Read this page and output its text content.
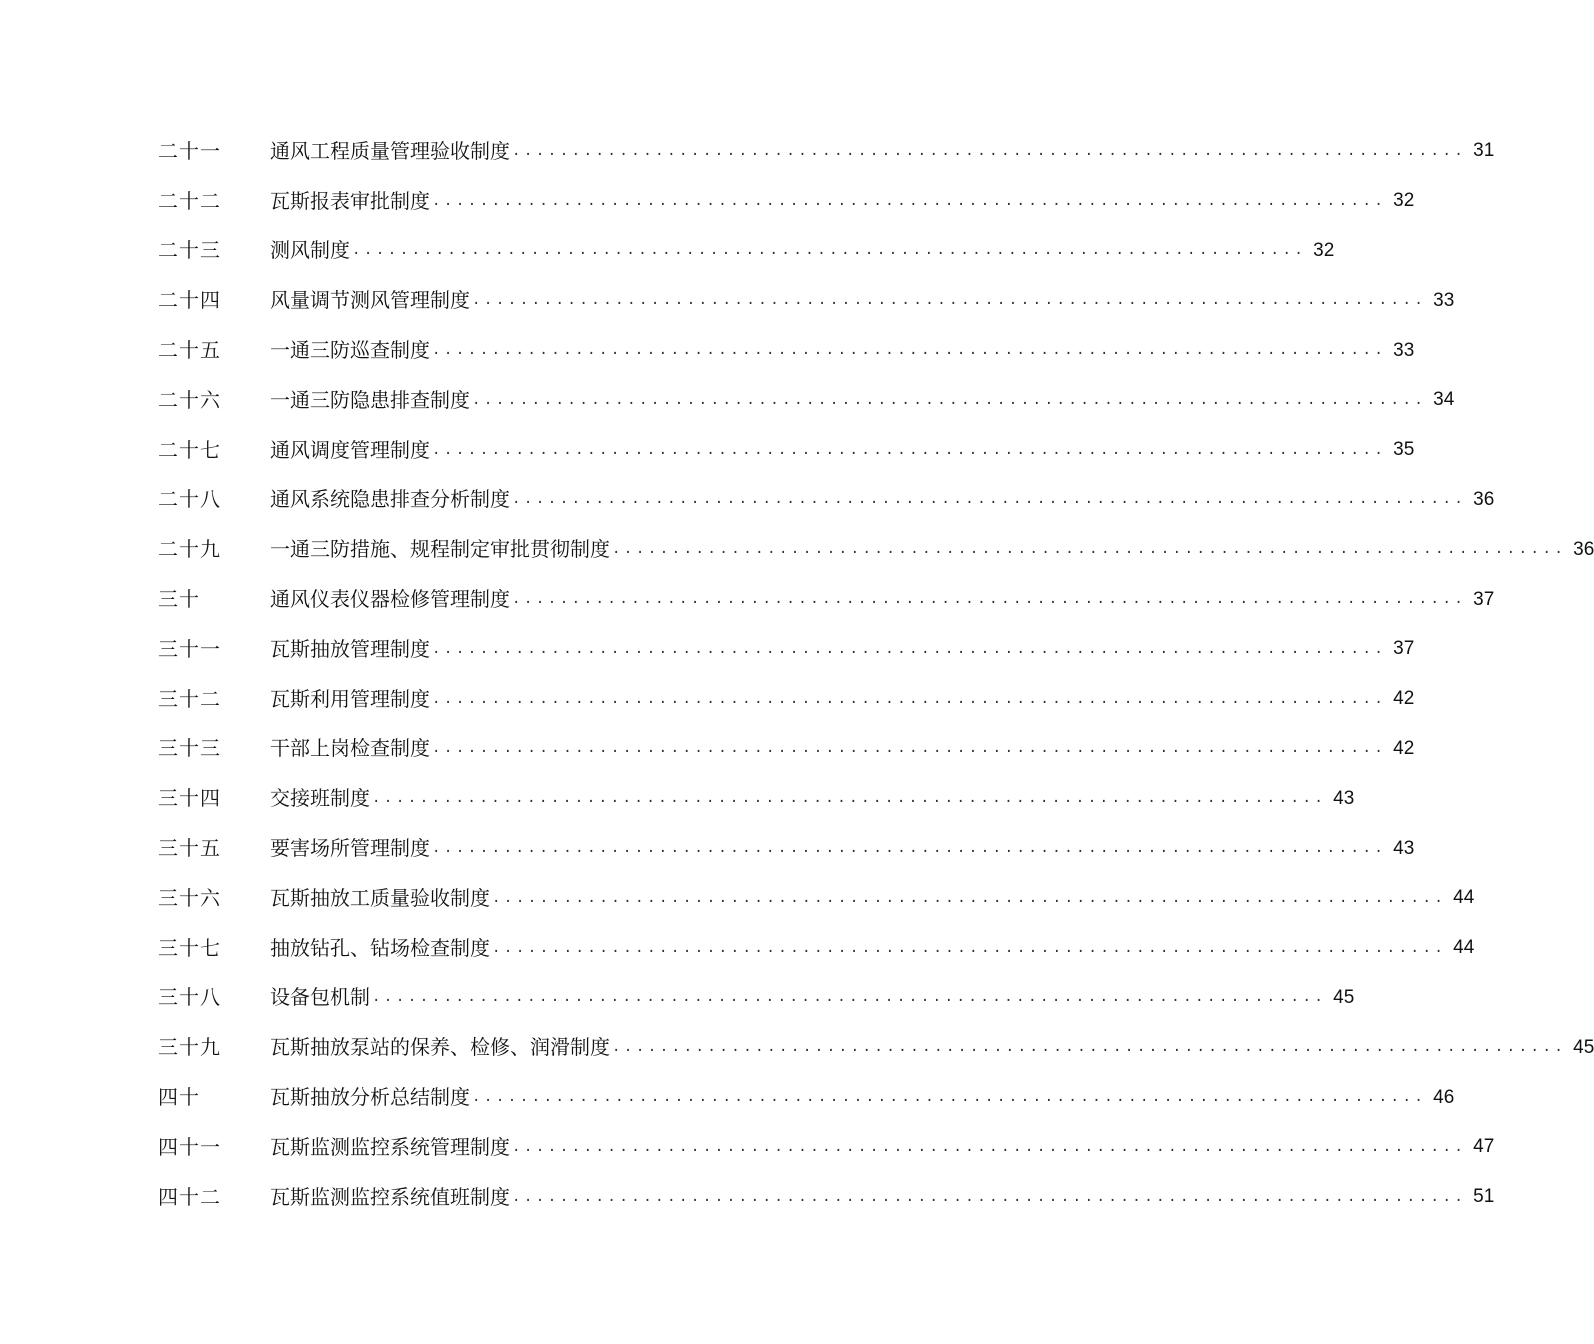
二十一	通风工程质量管理验收制度 ................................................................................ 31
二十二	瓦斯报表审批制度 ................................................................................ 32
二十三	测风制度 ................................................................................ 32
二十四	风量调节测风管理制度 ................................................................................ 33
二十五	一通三防巡查制度 ................................................................................ 33
二十六	一通三防隐患排查制度 ................................................................................ 34
二十七	通风调度管理制度 ................................................................................ 35
二十八	通风系统隐患排查分析制度 ................................................................................ 36
二十九	一通三防措施、规程制定审批贯彻制度 ................................................................................ 36
三十	通风仪表仪器检修管理制度 ................................................................................ 37
三十一	瓦斯抽放管理制度 ................................................................................ 37
三十二	瓦斯利用管理制度 ................................................................................ 42
三十三	干部上岗检查制度 ................................................................................ 42
三十四	交接班制度 ................................................................................ 43
三十五	要害场所管理制度 ................................................................................ 43
三十六	瓦斯抽放工质量验收制度 ................................................................................ 44
三十七	抽放钻孔、钻场检查制度 ................................................................................ 44
三十八	设备包机制 ................................................................................ 45
三十九	瓦斯抽放泵站的保养、检修、润滑制度 ................................................................................ 45
四十	瓦斯抽放分析总结制度 ................................................................................ 46
四十一	瓦斯监测监控系统管理制度 ................................................................................ 47
四十二	瓦斯监测监控系统值班制度 ................................................................................ 51
